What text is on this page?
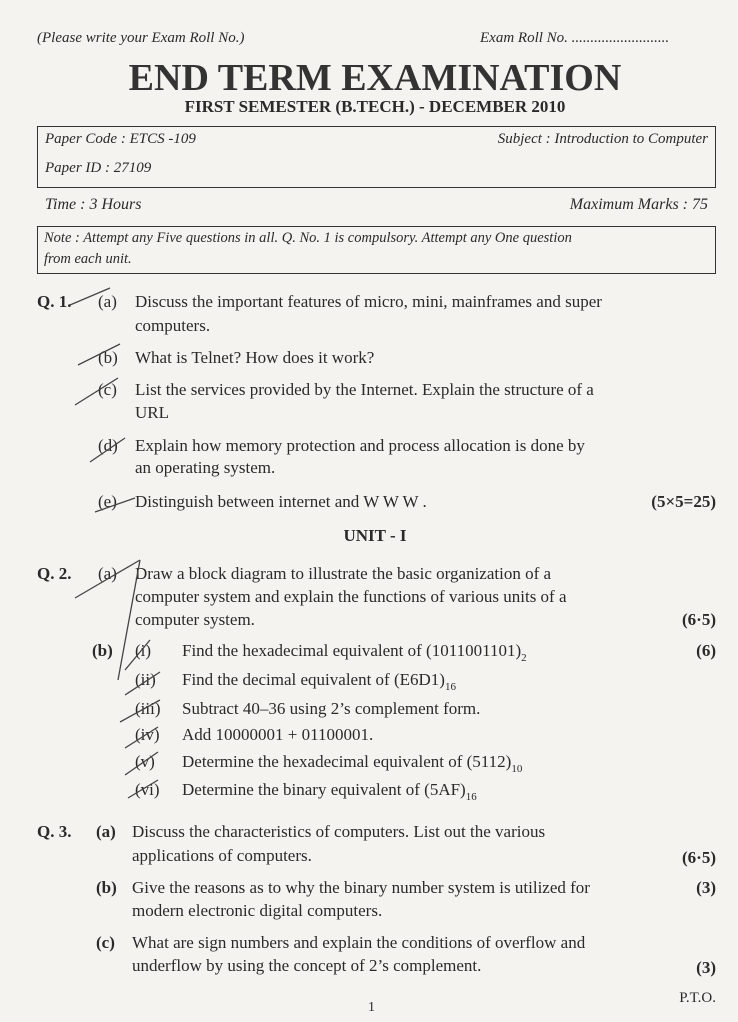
(Please write your Exam Roll No.)	Exam Roll No. ..........................
END TERM EXAMINATION
FIRST SEMESTER (B.TECH.) - DECEMBER 2010
Paper Code : ETCS -109	Subject : Introduction to Computer
Paper ID : 27109
Time : 3 Hours	Maximum Marks : 75
Note : Attempt any Five questions in all. Q. No. 1 is compulsory. Attempt any One question
from each unit.
Q. 1. (a) Discuss the important features of micro, mini, mainframes and super
computers.
(b) What is Telnet? How does it work?
(c) List the services provided by the Internet. Explain the structure of a
URL
(d) Explain how memory protection and process allocation is done by
an operating system.
(e) Distinguish between internet and W W W .	(5×5=25)
UNIT - I
Q. 2. (a) Draw a block diagram to illustrate the basic organization of a
computer system and explain the functions of various units of a
computer system.	(6·5)
(b)	(6)
(i) Find the hexadecimal equivalent of $(1011001101)_2$
(ii) Find the decimal equivalent of $(E6D1)_{16}$
(iii) Subtract 40–36 using 2’s complement form.
(iv) Add 10000001 + 01100001.
(v) Determine the hexadecimal equivalent of $(5112)_{10}$
(vi) Determine the binary equivalent of $(5AF)_{16}$
Q. 3. (a) Discuss the characteristics of computers. List out the various
applications of computers.	(6·5)
(b) Give the reasons as to why the binary number system is utilized for
modern electronic digital computers.
(3)
(c) What are sign numbers and explain the conditions of overflow and
underflow by using the concept of 2’s complement.	(3)
1
P.T.O.
